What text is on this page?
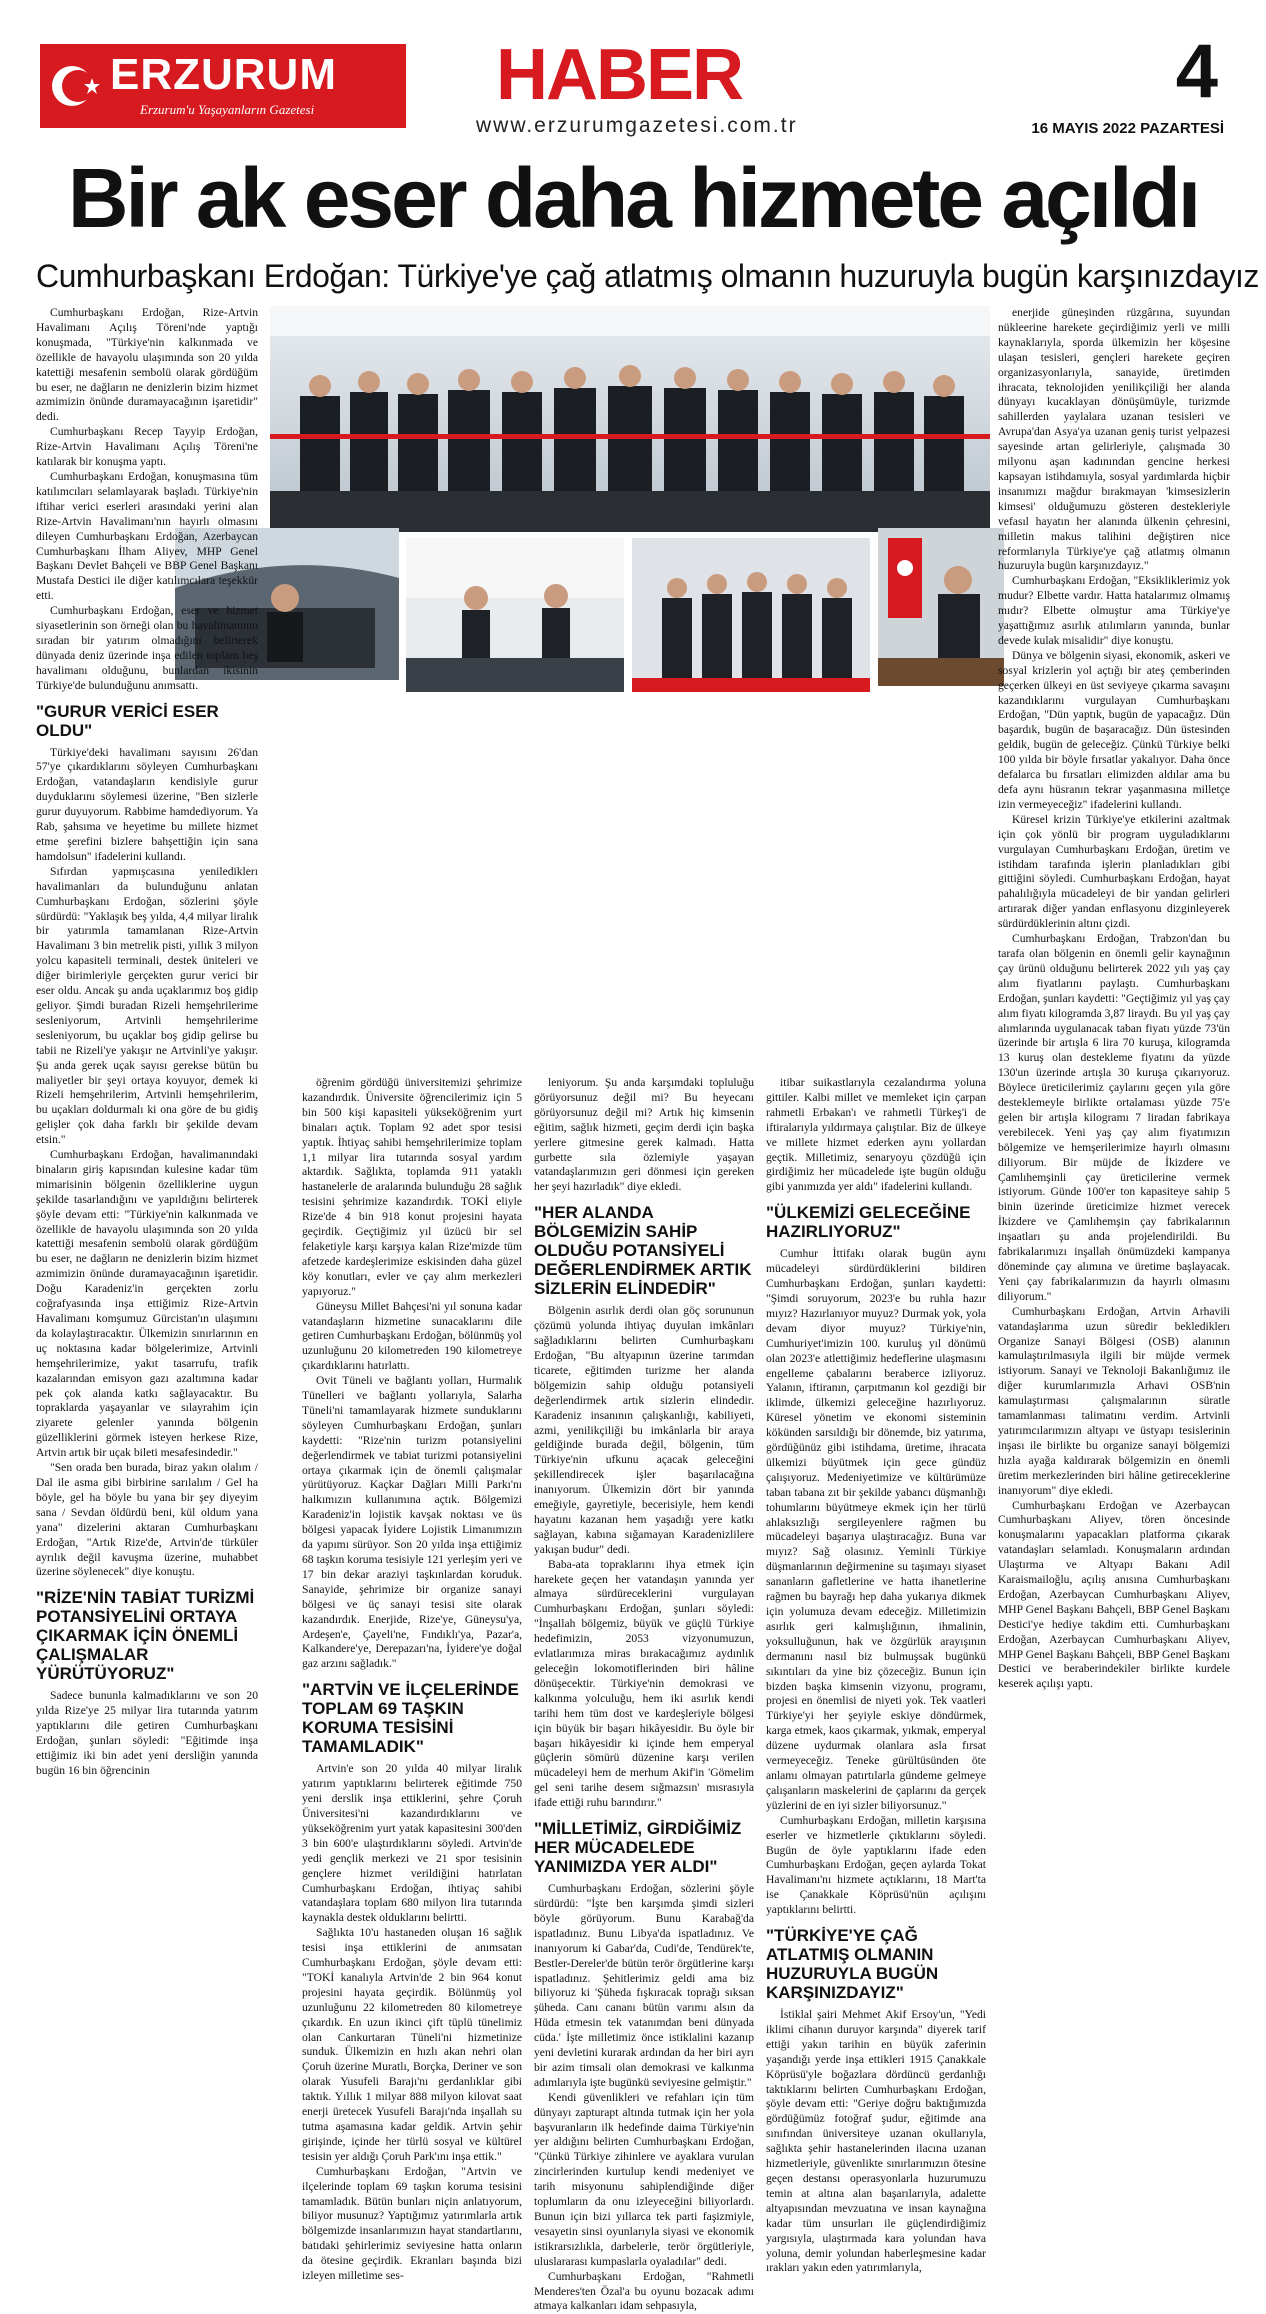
ERZURUM
Erzurum'u Yaşayanların Gazetesi	HABER
www.erzurumgazetesi.com.tr
4
16 MAYIS 2022 PAZARTESİ
Bir ak eser daha hizmete açıldı
Cumhurbaşkanı Erdoğan: Türkiye'ye çağ atlatmış olmanın huzuruyla bugün karşınızdayız

Cumhurbaşkanı Erdoğan, Rize-Artvin Havalimanı Açılış Töreni'nde yaptığı konuşmada, "Türkiye'nin kalkınmada ve özellikle de havayolu ulaşımında son 20 yılda katettiği mesafenin sembolü olarak gördüğüm bu eser, ne dağların ne denizlerin bizim hizmet azmimizin önünde duramayacağının işaretidir" dedi.

Cumhurbaşkanı Recep Tayyip Erdoğan, Rize-Artvin Havalimanı Açılış Töreni'ne katılarak bir konuşma yaptı.

Cumhurbaşkanı Erdoğan, konuşmasına tüm katılımcıları selamlayarak başladı. Türkiye'nin iftihar verici eserleri arasındaki yerini alan Rize-Artvin Havalimanı'nın hayırlı olmasını dileyen Cumhurbaşkanı Erdoğan, Azerbaycan Cumhurbaşkanı İlham Aliyev, MHP Genel Başkanı Devlet Bahçeli ve BBP Genel Başkanı Mustafa Destici ile diğer katılımcılara teşekkür etti.

Cumhurbaşkanı Erdoğan, eser ve hizmet siyasetlerinin son örneği olan bu havalimanının sıradan bir yatırım olmadığını belirterek dünyada deniz üzerinde inşa edilen toplam beş havalimanı olduğunu, bunlardan ikisinin Türkiye'de bulunduğunu anımsattı.

"GURUR VERİCİ ESER OLDU"

Türkiye'deki havalimanı sayısını 26'dan 57'ye çıkardıklarını söyleyen Cumhurbaşkanı Erdoğan, vatandaşların kendisiyle gurur duyduklarını söylemesi üzerine, "Ben sizlerle gurur duyuyorum. Rabbime hamdediyorum. Ya Rab, şahsıma ve heyetime bu millete hizmet etme şerefini bizlere bahşettiğin için sana hamdolsun" ifadelerini kullandı.

Sıfırdan yapmışcasına yenilediklerı havalimanları da bulunduğunu anlatan Cumhurbaşkanı Erdoğan, sözlerini şöyle sürdürdü: "Yaklaşık beş yılda, 4,4 milyar liralık bir yatırımla tamamlanan Rize-Artvin Havalimanı 3 bin metrelik pisti, yıllık 3 milyon yolcu kapasiteli terminali, destek üniteleri ve diğer birimleriyle gerçekten gurur verici bir eser oldu. Ancak şu anda uçaklarımız boş gidip geliyor. Şimdi buradan Rizeli hemşehrilerime sesleniyorum, Artvinli hemşehrilerime sesleniyorum, bu uçaklar boş gidip gelirse bu tabii ne Rizeli'ye yakışır ne Artvinli'ye yakışır. Şu anda gerek uçak sayısı gerekse bütün bu maliyetler bir şeyi ortaya koyuyor, demek ki Rizeli hemşehrilerim, Artvinli hemşehrilerim, bu uçakları doldurmalı ki ona göre de bu gidiş gelişler çok daha farklı bir şekilde devam etsin."

Cumhurbaşkanı Erdoğan, havalimanındaki binaların giriş kapısından kulesine kadar tüm mimarisinin bölgenin özelliklerine uygun şekilde tasarlandığını ve yapıldığını belirterek şöyle devam etti: "Türkiye'nin kalkınmada ve özellikle de havayolu ulaşımında son 20 yılda katettiği mesafenin sembolü olarak gördüğüm bu eser, ne dağların ne denizlerin bizim hizmet azmimizin önünde duramayacağının işaretidir. Doğu Karadeniz'in gerçekten zorlu coğrafyasında inşa ettiğimiz Rize-Artvin Havalimanı komşumuz Gürcistan'ın ulaşımını da kolaylaştıracaktır. Ülkemizin sınırlarının en uç noktasına kadar bölgelerimize, Artvinli hemşehrilerimize, yakıt tasarrufu, trafik kazalarından emisyon gazı azaltımına kadar pek çok alanda katkı sağlayacaktır. Bu topraklarda yaşayanlar ve sılayrahim için ziyarete gelenler yanında bölgenin güzelliklerini görmek isteyen herkese Rize, Artvin artık bir uçak bileti mesafesindedir."

"Sen orada ben burada, biraz yakın olalım / Dal ile asma gibi birbirine sarılalım / Gel ha böyle, gel ha böyle bu yana bir şey diyeyim sana / Sevdan öldürdü beni, kül oldum yana yana" dizelerini aktaran Cumhurbaşkanı Erdoğan, "Artık Rize'de, Artvin'de türküler ayrılık değil kavuşma üzerine, muhabbet üzerine söylenecek" diye konuştu.

"RİZE'NİN TABİAT TURİZMİ POTANSİYELİNİ ORTAYA ÇIKARMAK İÇİN ÖNEMLİ ÇALIŞMALAR YÜRÜTÜYORUZ"

Sadece bununla kalmadıklarını ve son 20 yılda Rize'ye 25 milyar lira tutarında yatırım yaptıklarını dile getiren Cumhurbaşkanı Erdoğan, şunları söyledi: "Eğitimde inşa ettiğimiz iki bin adet yeni dersliğin yanında bugün 16 bin öğrencinin

öğrenim gördüğü üniversitemizi şehrimize kazandırdık. Üniversite öğrencilerimiz için 5 bin 500 kişi kapasiteli yükseköğrenim yurt binaları açtık. Toplam 92 adet spor tesisi yaptık. İhtiyaç sahibi hemşehrilerimize toplam 1,1 milyar lira tutarında sosyal yardım aktardık. Sağlıkta, toplamda 911 yataklı hastanelerle de aralarında bulunduğu 28 sağlık tesisini şehrimize kazandırdık. TOKİ eliyle Rize'de 4 bin 918 konut projesini hayata geçirdik. Geçtiğimiz yıl üzücü bir sel felaketiyle karşı karşıya kalan Rize'mizde tüm afetzede kardeşlerimize eskisinden daha güzel köy konutları, evler ve çay alım merkezleri yapıyoruz."

Güneysu Millet Bahçesi'ni yıl sonuna kadar vatandaşların hizmetine sunacaklarını dile getiren Cumhurbaşkanı Erdoğan, bölünmüş yol uzunluğunu 20 kilometreden 190 kilometreye çıkardıklarını hatırlattı.

Ovit Tüneli ve bağlantı yolları, Hurmalık Tünelleri ve bağlantı yollarıyla, Salarha Tüneli'ni tamamlayarak hizmete sunduklarını söyleyen Cumhurbaşkanı Erdoğan, şunları kaydetti: "Rize'nin turizm potansiyelini değerlendirmek ve tabiat turizmi potansiyelini ortaya çıkarmak için de önemli çalışmalar yürütüyoruz. Kaçkar Dağları Milli Parkı'nı halkımızın kullanımına açtık. Bölgemizi Karadeniz'in lojistik kavşak noktası ve üs bölgesi yapacak İyidere Lojistik Limanımızın da yapımı sürüyor. Son 20 yılda inşa ettiğimiz 68 taşkın koruma tesisiyle 121 yerleşim yeri ve 17 bin dekar araziyi taşkınlardan koruduk. Sanayide, şehrimize bir organize sanayi bölgesi ve üç sanayi tesisi site olarak kazandırdık. Enerjide, Rize'ye, Güneysu'ya, Ardeşen'e, Çayeli'ne, Fındıklı'ya, Pazar'a, Kalkandere'ye, Derepazarı'na, İyidere'ye doğal gaz arzını sağladık."

"ARTVİN VE İLÇELERİNDE TOPLAM 69 TAŞKIN KORUMA TESİSİNİ TAMAMLADIK"

Artvin'e son 20 yılda 40 milyar liralık yatırım yaptıklarını belirterek eğitimde 750 yeni derslik inşa ettiklerini, şehre Çoruh Üniversitesi'ni kazandırdıklarını ve yükseköğrenim yurt yatak kapasitesini 300'den 3 bin 600'e ulaştırdıklarını söyledi. Artvin'de yedi gençlik merkezi ve 21 spor tesisinin gençlere hizmet verildiğini hatırlatan Cumhurbaşkanı Erdoğan, ihtiyaç sahibi vatandaşlara toplam 680 milyon lira tutarında kaynakla destek olduklarını belirtti.

Sağlıkta 10'u hastaneden oluşan 16 sağlık tesisi inşa ettiklerini de anımsatan Cumhurbaşkanı Erdoğan, şöyle devam etti: "TOKİ kanalıyla Artvin'de 2 bin 964 konut projesini hayata geçirdik. Bölünmüş yol uzunluğunu 22 kilometreden 80 kilometreye çıkardık. En uzun ikinci çift tüplü tünelimiz olan Cankurtaran Tüneli'ni hizmetinize sunduk. Ülkemizin en hızlı akan nehri olan Çoruh üzerine Muratlı, Borçka, Deriner ve son olarak Yusufeli Barajı'nı gerdanlıklar gibi taktık. Yıllık 1 milyar 888 milyon kilovat saat enerji üretecek Yusufeli Barajı'nda inşallah su tutma aşamasına kadar geldik. Artvin şehir girişinde, içinde her türlü sosyal ve kültürel tesisin yer aldığı Çoruh Park'ını inşa ettik."

Cumhurbaşkanı Erdoğan, "Artvin ve ilçelerinde toplam 69 taşkın koruma tesisini tamamladık. Bütün bunları niçin anlatıyorum, biliyor musunuz? Yaptığımız yatırımlarla artık bölgemizde insanlarımızın hayat standartlarını, batıdaki şehirlerimiz seviyesine hatta onların da ötesine geçirdik. Ekranları başında bizi izleyen milletime ses-

leniyorum. Şu anda karşımdaki topluluğu görüyorsunuz değil mi? Bu heyecanı görüyorsunuz değil mi? Artık hiç kimsenin eğitim, sağlık hizmeti, geçim derdi için başka yerlere gitmesine gerek kalmadı. Hatta gurbette sıla özlemiyle yaşayan vatandaşlarımızın geri dönmesi için gereken her şeyi hazırladık" diye ekledi.

"HER ALANDA BÖLGEMİZİN SAHİP OLDUĞU POTANSİYELİ DEĞERLENDİRMEK ARTIK SİZLERİN ELİNDEDİR"

Bölgenin asırlık derdi olan göç sorununun çözümü yolunda ihtiyaç duyulan imkânları sağladıklarını belirten Cumhurbaşkanı Erdoğan, "Bu altyapının üzerine tarımdan ticarete, eğitimden turizme her alanda bölgemizin sahip olduğu potansiyeli değerlendirmek artık sizlerin elindedir. Karadeniz insanının çalışkanlığı, kabiliyeti, azmi, yenilikçiliği bu imkânlarla bir araya geldiğinde burada değil, bölgenin, tüm Türkiye'nin ufkunu açacak geleceğini şekillendirecek işler başarılacağına inanıyorum. Ülkemizin dört bir yanında emeğiyle, gayretiyle, becerisiyle, hem kendi hayatını kazanan hem yaşadığı yere katkı sağlayan, kabına sığamayan Karadenizlilere yakışan budur" dedi.

Baba-ata topraklarını ihya etmek için harekete geçen her vatandaşın yanında yer almaya sürdüreceklerini vurgulayan Cumhurbaşkanı Erdoğan, şunları söyledi: "İnşallah bölgemiz, büyük ve güçlü Türkiye hedefimizin, 2053 vizyonumuzun, evlatlarımıza miras bırakacağımız aydınlık geleceğin lokomotiflerinden biri hâline dönüşecektir. Türkiye'nin demokrasi ve kalkınma yolculuğu, hem iki asırlık kendi tarihi hem tüm dost ve kardeşleriyle bölgesi için büyük bir başarı hikâyesidir. Bu öyle bir başarı hikâyesidir ki içinde hem emperyal güçlerin sömürü düzenine karşı verilen mücadeleyi hem de merhum Akif'in 'Gömelim gel seni tarihe desem sığmazsın' mısrasıyla ifade ettiği ruhu barındırır."

"MİLLETİMİZ, GİRDİĞİMİZ HER MÜCADELEDE YANIMIZDA YER ALDI"

Cumhurbaşkanı Erdoğan, sözlerini şöyle sürdürdü: "İşte ben karşımda şimdi sizleri böyle görüyorum. Bunu Karabağ'da ispatladınız. Bunu Libya'da ispatladınız. Ve inanıyorum ki Gabar'da, Cudi'de, Tendürek'te, Bestler-Dereler'de bütün terör örgütlerine karşı ispatladınız. Şehitlerimiz geldi ama biz biliyoruz ki 'Şüheda fışkıracak toprağı sıksan şüheda. Canı cananı bütün varımı alsın da Hüda etmesin tek vatanımdan beni dünyada cüda.' İşte milletimiz önce istiklalini kazanıp yeni devletini kurarak ardından da her biri ayrı bir azim timsali olan demokrasi ve kalkınma adımlarıyla işte bugünkü seviyesine gelmiştir."

Kendi güvenlikleri ve refahları için tüm dünyayı zapturapt altında tutmak için her yola başvuranların ilk hedefinde daima Türkiye'nin yer aldığını belirten Cumhurbaşkanı Erdoğan, "Çünkü Türkiye zihinlere ve ayaklara vurulan zincirlerinden kurtulup kendi medeniyet ve tarih misyonunu sahiplendiğinde diğer toplumların da onu izleyeceğini biliyorlardı. Bunun için bizi yıllarca tek parti faşizmiyle, vesayetin sinsi oyunlarıyla siyasi ve ekonomik istikrarsızlıkla, darbelerle, terör örgütleriyle, uluslararası kumpaslarla oyaladılar" dedi.

Cumhurbaşkanı Erdoğan, "Rahmetli Menderes'ten Özal'a bu oyunu bozacak adımı atmaya kalkanları idam sehpasıyla,

itibar suikastlarıyla cezalandırma yoluna gittiler. Kalbi millet ve memleket için çarpan rahmetli Erbakan'ı ve rahmetli Türkeş'i de iftiralarıyla yıldırmaya çalıştılar. Biz de ülkeye ve millete hizmet ederken aynı yollardan geçtik. Milletimiz, senaryoyu çözdüğü için girdiğimiz her mücadelede işte bugün olduğu gibi yanımızda yer aldı" ifadelerini kullandı.

"ÜLKEMİZİ GELECEĞİNE HAZIRLIYORUZ"

Cumhur İttifakı olarak bugün aynı mücadeleyi sürdürdüklerini bildiren Cumhurbaşkanı Erdoğan, şunları kaydetti: "Şimdi soruyorum, 2023'e bu ruhla hazır mıyız? Hazırlanıyor muyuz? Durmak yok, yola devam diyor muyuz? Türkiye'nin, Cumhuriyet'imizin 100. kuruluş yıl dönümü olan 2023'e atlettiğimiz hedeflerine ulaşmasını engelleme çabalarını beraberce izliyoruz. Yalanın, iftiranın, çarpıtmanın kol gezdiği bir iklimde, ülkemizi geleceğine hazırlıyoruz. Küresel yönetim ve ekonomi sisteminin kökünden sarsıldığı bir dönemde, biz yatırıma, gördüğünüz gibi istihdama, üretime, ihracata ülkemizi büyütmek için gece gündüz çalışıyoruz. Medeniyetimize ve kültürümüze taban tabana zıt bir şekilde yabancı düşmanlığı tohumlarını büyütmeye ekmek için her türlü ahlaksızlığı sergileyenlere rağmen bu mücadeleyi başarıya ulaştıracağız. Buna var mıyız? Sağ olasınız. Yeminli Türkiye düşmanlarının değirmenine su taşımayı siyaset sananların gafletlerine ve hatta ihanetlerine rağmen bu bayrağı hep daha yukarıya dikmek için yolumuza devam edeceğiz. Milletimizin asırlık geri kalmışlığının, ihmalinin, yoksulluğunun, hak ve özgürlük arayışının dermanını nasıl biz bulmuşsak bugünkü sıkıntıları da yine biz çözeceğiz. Bunun için bizden başka kimsenin vizyonu, programı, projesi en önemlisi de niyeti yok. Tek vaatleri Türkiye'yi her şeyiyle eskiye döndürmek, karga etmek, kaos çıkarmak, yıkmak, emperyal düzene uydurmak olanlara asla fırsat vermeyeceğiz. Teneke gürültüsünden öte anlamı olmayan patırtılarla gündeme gelmeye çalışanların maskelerini de çaplarını da gerçek yüzlerini de en iyi sizler biliyorsunuz."

Cumhurbaşkanı Erdoğan, milletin karşısına eserler ve hizmetlerle çıktıklarını söyledi. Bugün de öyle yaptıklarını ifade eden Cumhurbaşkanı Erdoğan, geçen aylarda Tokat Havalimanı'nı hizmete açtıklarını, 18 Mart'ta ise Çanakkale Köprüsü'nün açılışını yaptıklarını belirtti.

"TÜRKİYE'YE ÇAĞ ATLATMIŞ OLMANIN HUZURUYLA BUGÜN KARŞINIZDAYIZ"

İstiklal şairi Mehmet Akif Ersoy'un, "Yedi iklimi cihanın duruyor karşında" diyerek tarif ettiği yakın tarihin en büyük zaferinin yaşandığı yerde inşa ettikleri 1915 Çanakkale Köprüsü'yle boğazlara dördüncü gerdanlığı taktıklarını belirten Cumhurbaşkanı Erdoğan, şöyle devam etti: "Geriye doğru baktığımızda gördüğümüz fotoğraf şudur, eğitimde ana sınıfından üniversiteye uzanan okullarıyla, sağlıkta şehir hastanelerinden ilacına uzanan hizmetleriyle, güvenlikte sınırlarımızın ötesine geçen destansı operasyonlarla huzurumuzu temin at altına alan başarılarıyla, adalette altyapısından mevzuatına ve insan kaynağına kadar tüm unsurları ile güçlendirdiğimiz yargısıyla, ulaştırmada kara yolundan hava yoluna, demir yolundan haberleşmesine kadar ırakları yakın eden yatırımlarıyla,

enerjide güneşinden rüzgârına, suyundan nükleerine harekete geçirdiğimiz yerli ve milli kaynaklarıyla, sporda ülkemizin her köşesine ulaşan tesisleri, gençleri harekete geçiren organizasyonlarıyla, sanayide, üretimden ihracata, teknolojiden yenilikçiliği her alanda dünyayı kucaklayan dönüşümüyle, turizmde sahillerden yaylalara uzanan tesisleri ve Avrupa'dan Asya'ya uzanan geniş turist yelpazesi sayesinde artan gelirleriyle, çalışmada 30 milyonu aşan kadınından gencine herkesi kapsayan istihdamıyla, sosyal yardımlarda hiçbir insanımızı mağdur bırakmayan 'kimsesizlerin kimsesi' olduğumuzu gösteren destekleriyle vefasıl hayatın her alanında ülkenin çehresini, milletin makus talihini değiştiren nice reformlarıyla Türkiye'ye çağ atlatmış olmanın huzuruyla bugün karşınızdayız."

Cumhurbaşkanı Erdoğan, "Eksikliklerimiz yok mudur? Elbette vardır. Hatta hatalarımız olmamış mıdır? Elbette olmuştur ama Türkiye'ye yaşattığımız asırlık atılımların yanında, bunlar devede kulak misalidir" diye konuştu.

Dünya ve bölgenin siyasi, ekonomik, askeri ve sosyal krizlerin yol açtığı bir ateş çemberinden geçerken ülkeyi en üst seviyeye çıkarma savaşını kazandıklarını vurgulayan Cumhurbaşkanı Erdoğan, "Dün yaptık, bugün de yapacağız. Dün başardık, bugün de başaracağız. Dün üstesinden geldik, bugün de geleceğiz. Çünkü Türkiye belki 100 yılda bir böyle fırsatlar yakalıyor. Daha önce defalarca bu fırsatları elimizden aldılar ama bu defa aynı hüsranın tekrar yaşanmasına milletçe izin vermeyeceğiz" ifadelerini kullandı.

Küresel krizin Türkiye'ye etkilerini azaltmak için çok yönlü bir program uyguladıklarını vurgulayan Cumhurbaşkanı Erdoğan, üretim ve istihdam tarafında işlerin planladıkları gibi gittiğini söyledi. Cumhurbaşkanı Erdoğan, hayat pahalılığıyla mücadeleyi de bir yandan gelirleri artırarak diğer yandan enflasyonu dizginleyerek sürdürdüklerinin altını çizdi.

Cumhurbaşkanı Erdoğan, Trabzon'dan bu tarafa olan bölgenin en önemli gelir kaynağının çay ürünü olduğunu belirterek 2022 yılı yaş çay alım fiyatlarını paylaştı. Cumhurbaşkanı Erdoğan, şunları kaydetti: "Geçtiğimiz yıl yaş çay alım fiyatı kilogramda 3,87 liraydı. Bu yıl yaş çay alımlarında uygulanacak taban fiyatı yüzde 73'ün üzerinde bir artışla 6 lira 70 kuruşa, kilogramda 13 kuruş olan destekleme fiyatını da yüzde 130'un üzerinde artışla 30 kuruşa çıkarıyoruz. Böylece üreticilerimiz çaylarını geçen yıla göre desteklemeyle birlikte ortalaması yüzde 75'e gelen bir artışla kilogramı 7 liradan fabrikaya verebilecek. Yeni yaş çay alım fiyatımızın bölgemize ve hemşerilerimize hayırlı olmasını diliyorum. Bir müjde de İkizdere ve Çamlıhemşinli çay üreticilerine vermek istiyorum. Günde 100'er ton kapasiteye sahip 5 binin üzerinde üreticimize hizmet verecek İkizdere ve Çamlıhemşin çay fabrikalarının inşaatları şu anda projelendirildi. Bu fabrikalarımızı inşallah önümüzdeki kampanya döneminde çay alımına ve üretime başlayacak. Yeni çay fabrikalarımızın da hayırlı olmasını diliyorum."

Cumhurbaşkanı Erdoğan, Artvin Arhavili vatandaşlarıma uzun süredir beklediklerı Organize Sanayi Bölgesi (OSB) alanının kamulaştırılmasıyla ilgili bir müjde vermek istiyorum. Sanayi ve Teknoloji Bakanlığımız ile diğer kurumlarımızla Arhavi OSB'nin kamulaştırması çalışmalarının süratle tamamlanması talimatını verdim. Artvinli yatırımcılarımızın altyapı ve üstyapı tesislerinin inşası ile birlikte bu organize sanayi bölgemizi hızla ayağa kaldırarak bölgemizin en önemli üretim merkezlerinden biri hâline getireceklerine inanıyorum" diye ekledi.

Cumhurbaşkanı Erdoğan ve Azerbaycan Cumhurbaşkanı Aliyev, tören öncesinde konuşmalarını yapacakları platforma çıkarak vatandaşları selamladı. Konuşmaların ardından Ulaştırma ve Altyapı Bakanı Adil Karaismailoğlu, açılış anısına Cumhurbaşkanı Erdoğan, Azerbaycan Cumhurbaşkanı Aliyev, MHP Genel Başkanı Bahçeli, BBP Genel Başkanı Destici'ye hediye takdim etti. Cumhurbaşkanı Erdoğan, Azerbaycan Cumhurbaşkanı Aliyev, MHP Genel Başkanı Bahçeli, BBP Genel Başkanı Destici ve beraberindekiler birlikte kurdele keserek açılışı yaptı.
